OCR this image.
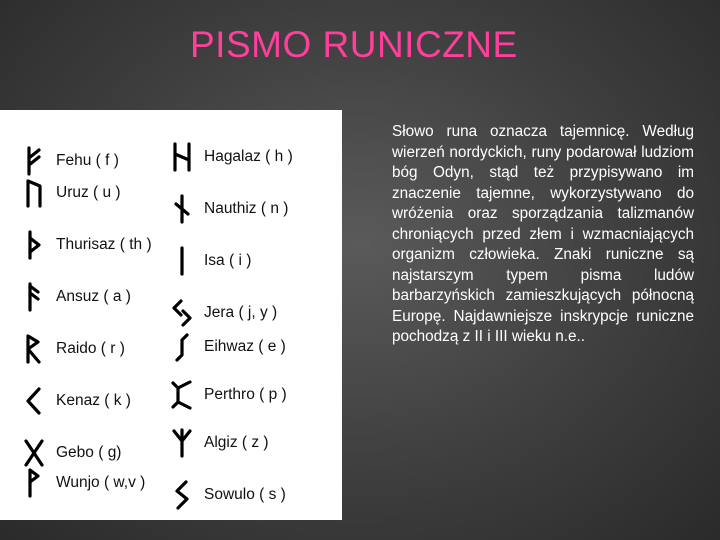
PISMO RUNICZNE
Fehu ( f )
Uruz ( u )
Thurisaz ( th )
Ansuz ( a )
Raido ( r )
Kenaz ( k )
Gebo ( g)
Wunjo ( w,v )
Hagalaz ( h )
Nauthiz ( n )
Isa ( i )
Jera ( j, y )
Eihwaz ( e )
Perthro ( p )
Algiz ( z )
Sowulo ( s )
Słowo runa oznacza tajemnicę. Według wierzeń nordyckich, runy podarował ludziom bóg Odyn, stąd też przypisywano im znaczenie tajemne, wykorzystywano do wróżenia oraz sporządzania talizmanów chroniących przed złem i wzmacniających organizm człowieka. Znaki runiczne są najstarszym typem pisma ludów barbarzyńskich zamieszkujących północną Europę. Najdawniejsze inskrypcje runiczne pochodzą z II i III wieku n.e..
